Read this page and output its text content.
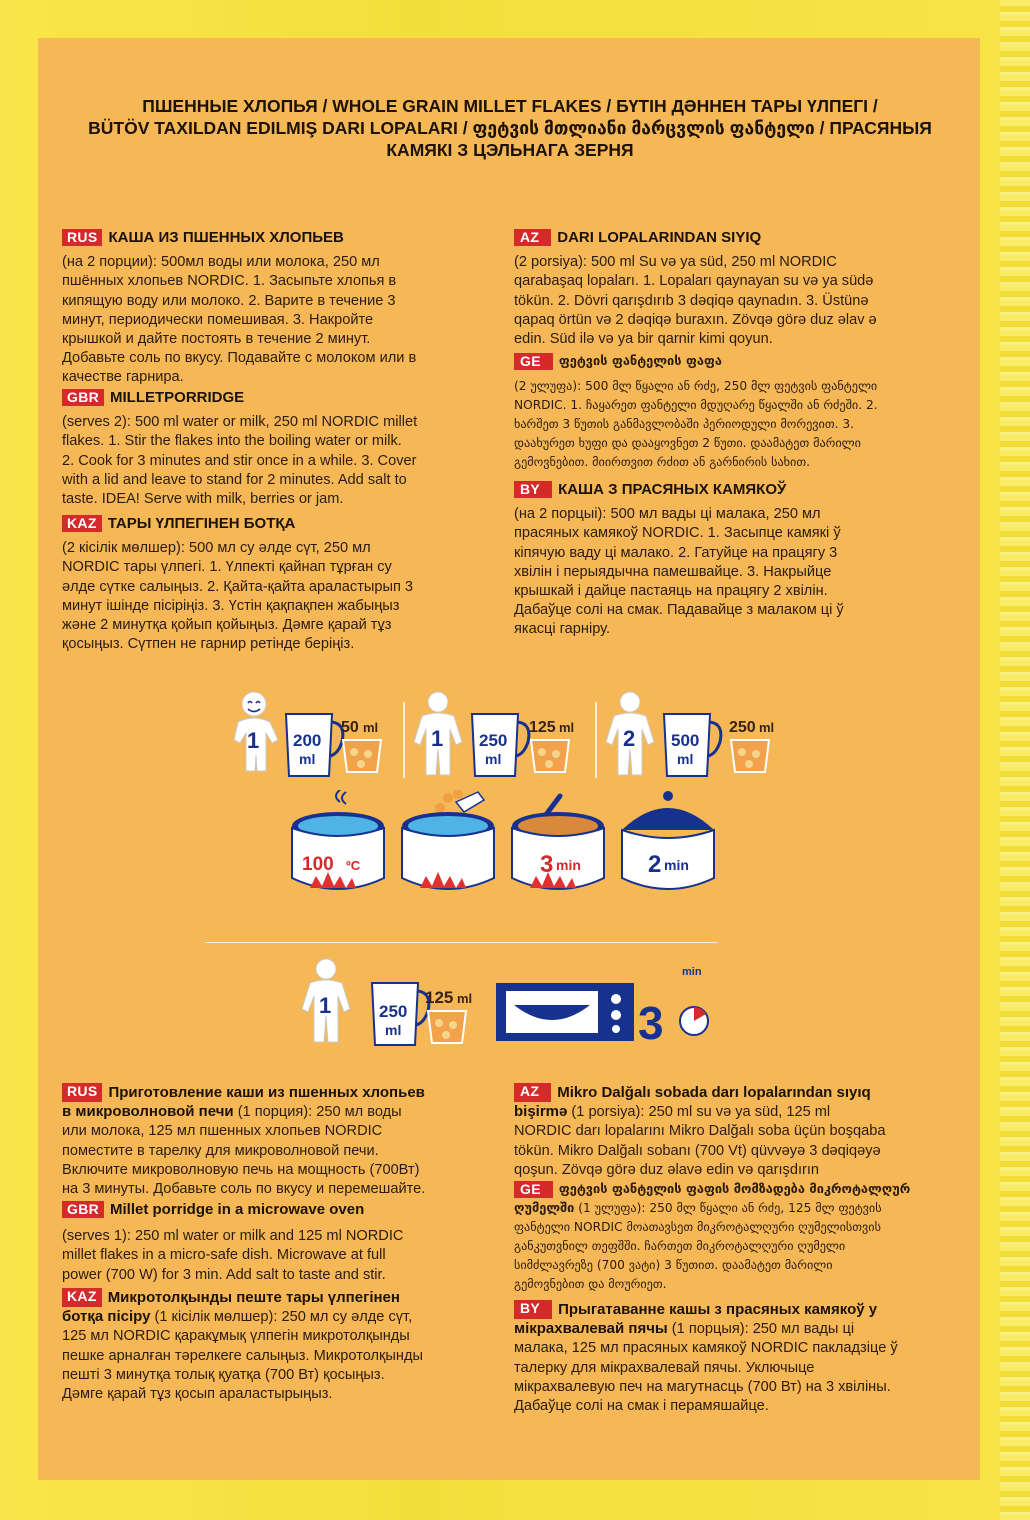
ПШЕННЫЕ ХЛОПЬЯ / WHOLE GRAIN MILLET FLAKES / БҮТІН ДӘННЕН ТАРЫ ҮЛПЕГІ /
BÜTÖV TAXILDAN EDILMIŞ DARI LOPALARI / ფეტვის მთლიანი მარცვლის ფანტელი / ПРАСЯНЫЯ
КАМЯКІ З ЦЭЛЬНАГА ЗЕРНЯ
RUS КАША ИЗ ПШЕННЫХ ХЛОПЬЕВ
(на 2 порции): 500мл воды или молока, 250 мл
пшённых хлопьев NORDIC. 1. Засыпьте хлопья в
кипящую воду или молоко. 2. Варите в течение 3
минут, периодически помешивая. 3. Накройте
крышкой и дайте постоять в течение 2 минут.
Добавьте соль по вкусу. Подавайте с молоком или в
качестве гарнира.
GBR MILLETPORRIDGE
(serves 2): 500 ml water or milk, 250 ml NORDIC millet
flakes. 1. Stir the flakes into the boiling water or milk.
2. Cook for 3 minutes and stir once in a while. 3. Cover
with a lid and leave to stand for 2 minutes. Add salt to
taste. IDEA! Serve with milk, berries or jam.
KAZ ТАРЫ ҮЛПЕГІНЕН БОТҚА
(2 кісілік мөлшер): 500 мл су әлде сүт, 250 мл
NORDIC тары үлпегі. 1. Үлпекті қайнап тұрған су
әлде сүтке салыңыз. 2. Қайта-қайта араластырып 3
минут ішінде пісіріңіз. 3. Үстін қақпақпен жабыңыз
және 2 минутқа қойып қойыңыз. Дәмге қарай тұз
қосыңыз. Сүтпен не гарнир ретінде беріңіз.
AZ	DARI LOPALARINDAN SIYIQ
(2 porsiya): 500 ml Su və ya süd, 250 ml NORDIC
qarabaşaq lopaları. 1. Lopaları qaynayan su və ya südə
tökün. 2. Dövri qarışdırıb 3 dəqiqə qaynadın. 3. Üstünə
qapaq örtün və 2 dəqiqə buraxın. Zövqə görə duz əlav ə
edin. Süd ilə və ya bir qarnir kimi qoyun.
GE	ფეტვის ფანტელის ფაფა
(2 ულუფა): 500 მლ წყალი ან რძე, 250 მლ ფეტვის ფანტელი
NORDIC. 1. ჩაყარეთ ფანტელი მდუღარე წყალში ან რძეში. 2.
ხარშეთ 3 წუთის განმავლობაში პერიოდული მორევით. 3.
დაახურეთ ხუფი და დააყოვნეთ 2 წუთი. დაამატეთ მარილი
გემოვნებით. მიირთვით რძით ან გარნირის სახით.
BY	КАША З ПРАСЯНЫХ КАМЯКОЎ
(на 2 порцыі): 500 мл вады ці малака, 250 мл
прасяных камякоў NORDIC. 1. Засыпце камякі ў
кіпячую ваду ці малако. 2. Гатуйце на працягу 3
хвілін і перыядычна памешвайце. 3. Накрыйце
крышкай і дайце пастаяць на працягу 2 хвілін.
Дабаўце солі на смак. Падавайце з малаком ці ў
якасці гарніру.
1 200
ml
50 ml 1 250
ml
125 ml 2 500
ml
250 ml
100 ºC	3 min	2 min
1	250
ml
125 ml	3
min
RUS Приготовление каши из пшенных хлопьев
в микроволновой печи (1 порция): 250 мл воды
или молока, 125 мл пшенных хлопьев NORDIC
поместите в тарелку для микроволновой печи.
Включите микроволновую печь на мощность (700Вт)
на 3 минуты. Добавьте соль по вкусу и перемешайте.
GBR Millet porridge in a microwave oven
(serves 1): 250 ml water or milk and 125 ml NORDIC
millet flakes in a micro-safe dish. Microwave at full
power (700 W) for 3 min. Add salt to taste and stir.
KAZ Микротолқынды пеште тары үлпегінен
ботқа пісіру (1 кісілік мөлшер): 250 мл су әлде сүт,
125 мл NORDIC қаракұмық үлпегін микротолқынды
пешке арналған тәрелкеге салыңыз. Микротолқынды
пешті 3 минутқа толық қуатқа (700 Вт) қосыңыз.
Дәмге қарай тұз қосып араластырыңыз.
AZ	Mikro Dalğalı sobada darı lopalarından sıyıq
bişirmə (1 porsiya): 250 ml su və ya süd, 125 ml
NORDIC darı lopalarını Mikro Dalğalı soba üçün boşqaba
tökün. Mikro Dalğalı sobanı (700 Vt) qüvvəyə 3 dəqiqəyə
qoşun. Zövqə görə duz əlavə edin və qarışdırın
GE	ფეტვის ფანტელის ფაფის მომზადება მიკროტალღურ
ღუმელში (1 ულუფა): 250 მლ წყალი ან რძე, 125 მლ ფეტვის
ფანტელი NORDIC მოათავსეთ მიკროტალღური ღუმელისთვის
განკუთვნილ თეფშში. ჩართეთ მიკროტალღური ღუმელი
სიმძლავრეზე (700 ვატი) 3 წუთით. დაამატეთ მარილი
გემოვნებით და მოურიეთ.
BY	Прыгатаванне кашы з прасяных камякоў у
мікрахвалевай пячы (1 порцыя): 250 мл вады ці
малака, 125 мл прасяных камякоў NORDIC пакладзіце ў
талерку для мікрахвалевай пячы. Уключыце
мікрахвалевую печ на магутнасць (700 Вт) на 3 хвіліны.
Дабаўце солі на смак і перамяшайце.
